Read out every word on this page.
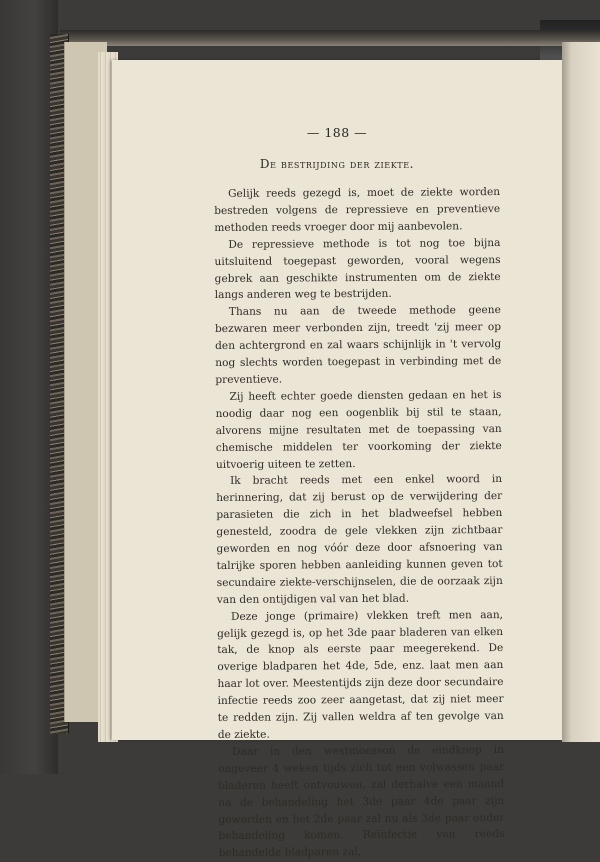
— 188 —
De bestrijding der ziekte.

Gelijk reeds gezegd is, moet de ziekte worden bestreden volgens de repressieve en preventieve methoden reeds vroeger door mij aanbevolen.

De repressieve methode is tot nog toe bijna uitsluitend toegepast geworden, vooral wegens gebrek aan geschikte instrumenten om de ziekte langs anderen weg te bestrijden.

Thans nu aan de tweede methode geene bezwaren meer verbonden zijn, treedt 'zij meer op den achtergrond en zal waars schijnlijk in 't vervolg nog slechts worden toegepast in verbinding met de preventieve.

Zij heeft echter goede diensten gedaan en het is noodig daar nog een oogenblik bij stil te staan, alvorens mijne resultaten met de toepassing van chemische middelen ter voorkoming der ziekte uitvoerig uiteen te zetten.

Ik bracht reeds met een enkel woord in herinnering, dat zij berust op de verwijdering der parasieten die zich in het bladweefsel hebben genesteld, zoodra de gele vlekken zijn zichtbaar geworden en nog vóór deze door afsnoering van talrijke sporen hebben aanleiding kunnen geven tot secundaire ziekte-verschijnselen, die de oorzaak zijn van den ontijdigen val van het blad.

Deze jonge (primaire) vlekken treft men aan, gelijk gezegd is, op het 3de paar bladeren van elken tak, de knop als eerste paar meegerekend. De overige bladparen het 4de, 5de, enz. laat men aan haar lot over. Meestentijds zijn deze door secundaire infectie reeds zoo zeer aangetast, dat zij niet meer te redden zijn. Zij vallen weldra af ten gevolge van de ziekte.

Daar in den westmoesson de eindknop in ongeveer 4 weken tijds zich tot een volwassen paar bladeren heeft ontvouwen, zal derhalve een maand na de behandeling het 3de paar 4de paar zijn geworden en het 2de paar zal nu als 3de paar onder behandeling komen. Reïnfectie van reeds behandelde bladparen zal,
